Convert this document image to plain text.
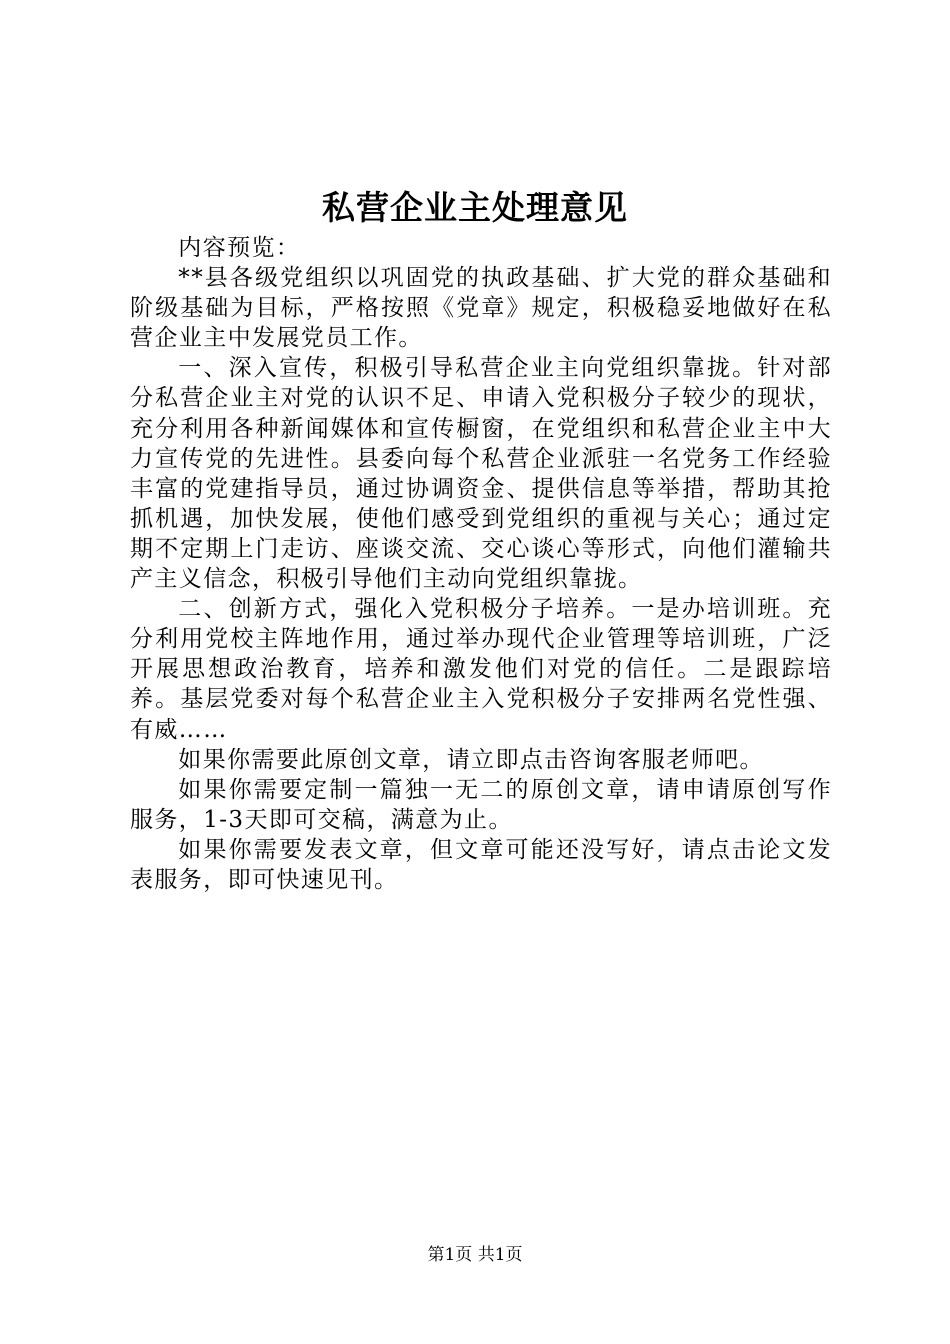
私营企业主处理意见

内容预览：

**县各级党组织以巩固党的执政基础、扩大党的群众基础和阶级基础为目标，严格按照《党章》规定，积极稳妥地做好在私营企业主中发展党员工作。

一、深入宣传，积极引导私营企业主向党组织靠拢。针对部分私营企业主对党的认识不足、申请入党积极分子较少的现状，充分利用各种新闻媒体和宣传橱窗，在党组织和私营企业主中大力宣传党的先进性。县委向每个私营企业派驻一名党务工作经验丰富的党建指导员，通过协调资金、提供信息等举措，帮助其抢抓机遇，加快发展，使他们感受到党组织的重视与关心；通过定期不定期上门走访、座谈交流、交心谈心等形式，向他们灌输共产主义信念，积极引导他们主动向党组织靠拢。

二、创新方式，强化入党积极分子培养。一是办培训班。充分利用党校主阵地作用，通过举办现代企业管理等培训班，广泛开展思想政治教育，培养和激发他们对党的信任。二是跟踪培养。基层党委对每个私营企业主入党积极分子安排两名党性强、有威……

如果你需要此原创文章，请立即点击咨询客服老师吧。

如果你需要定制一篇独一无二的原创文章，请申请原创写作服务，1-3天即可交稿，满意为止。

如果你需要发表文章，但文章可能还没写好，请点击论文发表服务，即可快速见刊。

第1页 共1页
